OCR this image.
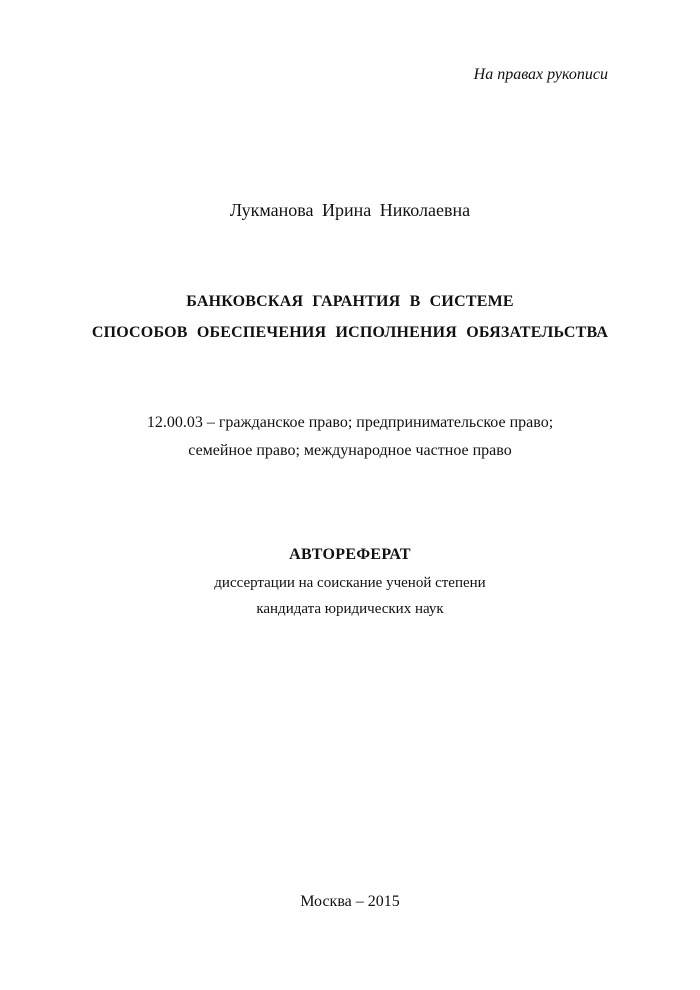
На правах рукописи
Лукманова Ирина Николаевна
БАНКОВСКАЯ ГАРАНТИЯ В СИСТЕМЕ
СПОСОБОВ ОБЕСПЕЧЕНИЯ ИСПОЛНЕНИЯ ОБЯЗАТЕЛЬСТВА
12.00.03 – гражданское право; предпринимательское право;
семейное право; международное частное право
АВТОРЕФЕРАТ
диссертации на соискание ученой степени
кандидата юридических наук
Москва – 2015
